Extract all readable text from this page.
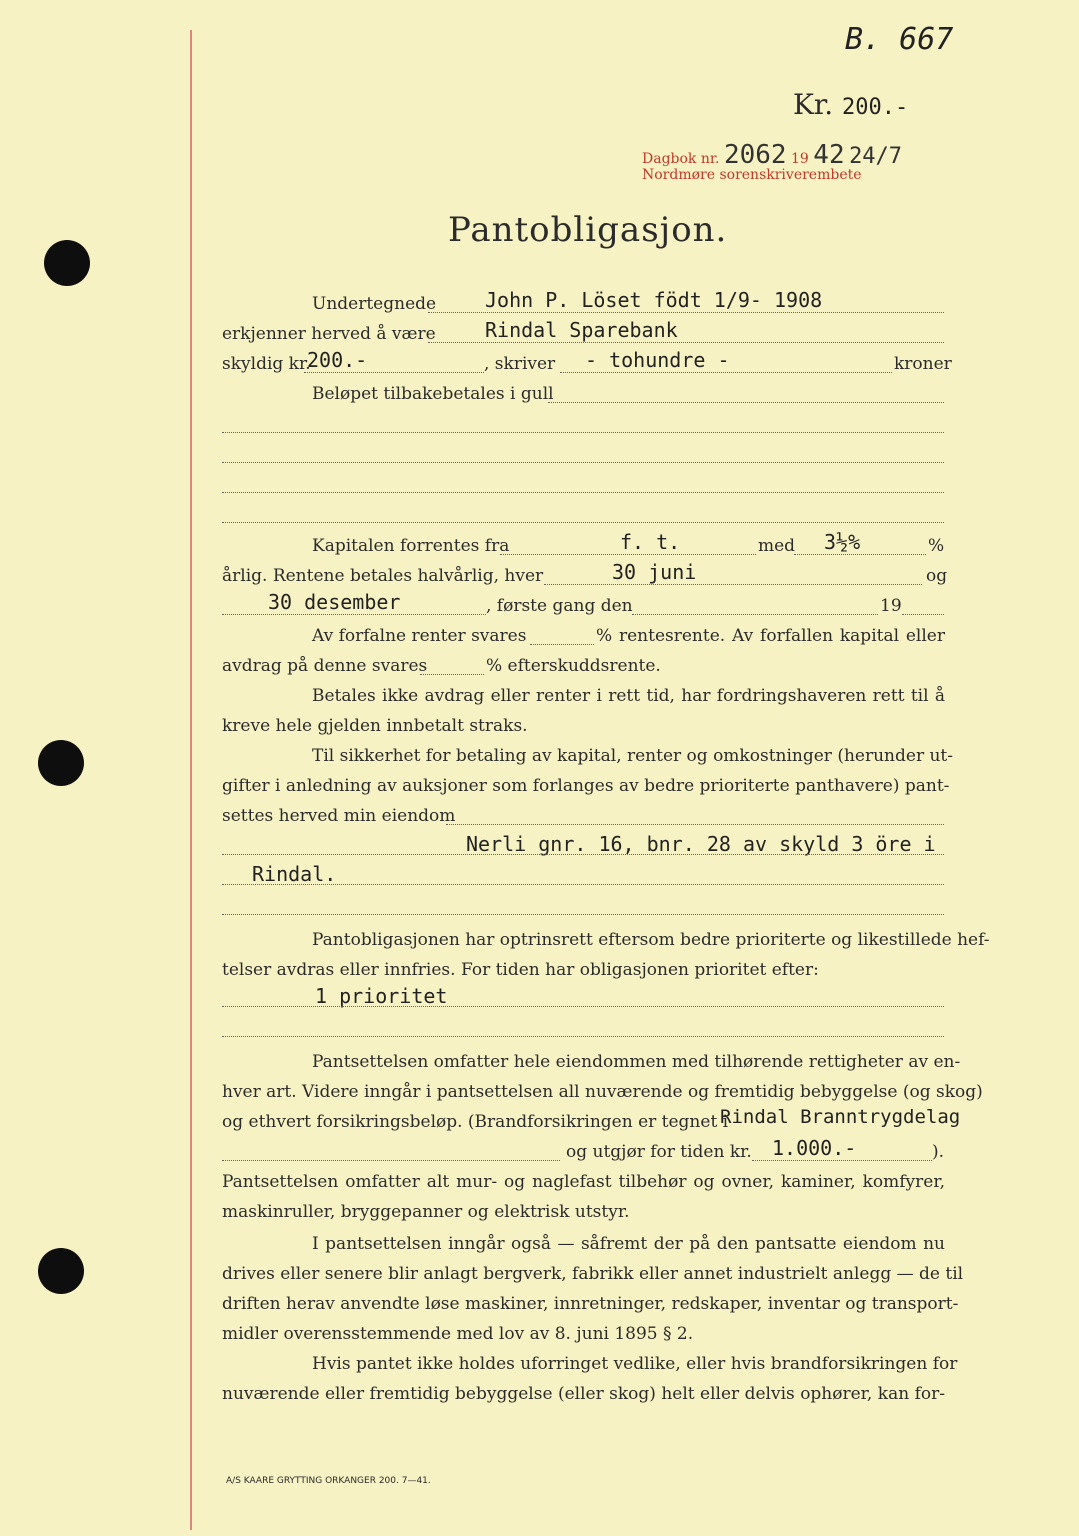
B. 667
Kr. 200.-
Dagbok nr. 2062 19 42 24/7
Nordmøre sorenskriverembete
Pantobligasjon.
Undertegnede John P. Löset födt 1/9- 1908
erkjenner herved å være Rindal Sparebank
skyldig kr.
200.-	, skriver - tohundre -	kroner
Beløpet tilbakebetales i gull
Kapitalen forrentes fra	f. t.	med 3½%	%
årlig. Rentene betales halvårlig, hver	30 juni	og
30 desember	, første gang den	19
Av forfalne renter svares	% rentesrente. Av forfallen kapital eller
avdrag på denne svares	% efterskuddsrente.
Betales ikke avdrag eller renter i rett tid, har fordringshaveren rett til å
kreve hele gjelden innbetalt straks.
Til sikkerhet for betaling av kapital, renter og omkostninger (herunder ut-
gifter i anledning av auksjoner som forlanges av bedre prioriterte panthavere) pant-
settes herved min eiendom
Nerli gnr. 16, bnr. 28 av skyld 3 öre i
Rindal.
Pantobligasjonen har optrinsrett eftersom bedre prioriterte og likestillede hef-
telser avdras eller innfries. For tiden har obligasjonen prioritet efter:
1 prioritet
Pantsettelsen omfatter hele eiendommen med tilhørende rettigheter av en-
hver art. Videre inngår i pantsettelsen all nuværende og fremtidig bebyggelse (og skog)
og ethvert forsikringsbeløp. (Brandforsikringen er tegnet i
Rindal Branntrygdelag
og utgjør for tiden kr. 1.000.-	).
Pantsettelsen omfatter alt mur- og naglefast tilbehør og ovner, kaminer, komfyrer,
maskinruller, bryggepanner og elektrisk utstyr.
I pantsettelsen inngår også — såfremt der på den pantsatte eiendom nu
drives eller senere blir anlagt bergverk, fabrikk eller annet industrielt anlegg — de til
driften herav anvendte løse maskiner, innretninger, redskaper, inventar og transport-
midler overensstemmende med lov av 8. juni 1895 § 2.
Hvis pantet ikke holdes uforringet vedlike, eller hvis brandforsikringen for
nuværende eller fremtidig bebyggelse (eller skog) helt eller delvis ophører, kan for-
A/S KAARE GRYTTING ORKANGER 200. 7—41.
